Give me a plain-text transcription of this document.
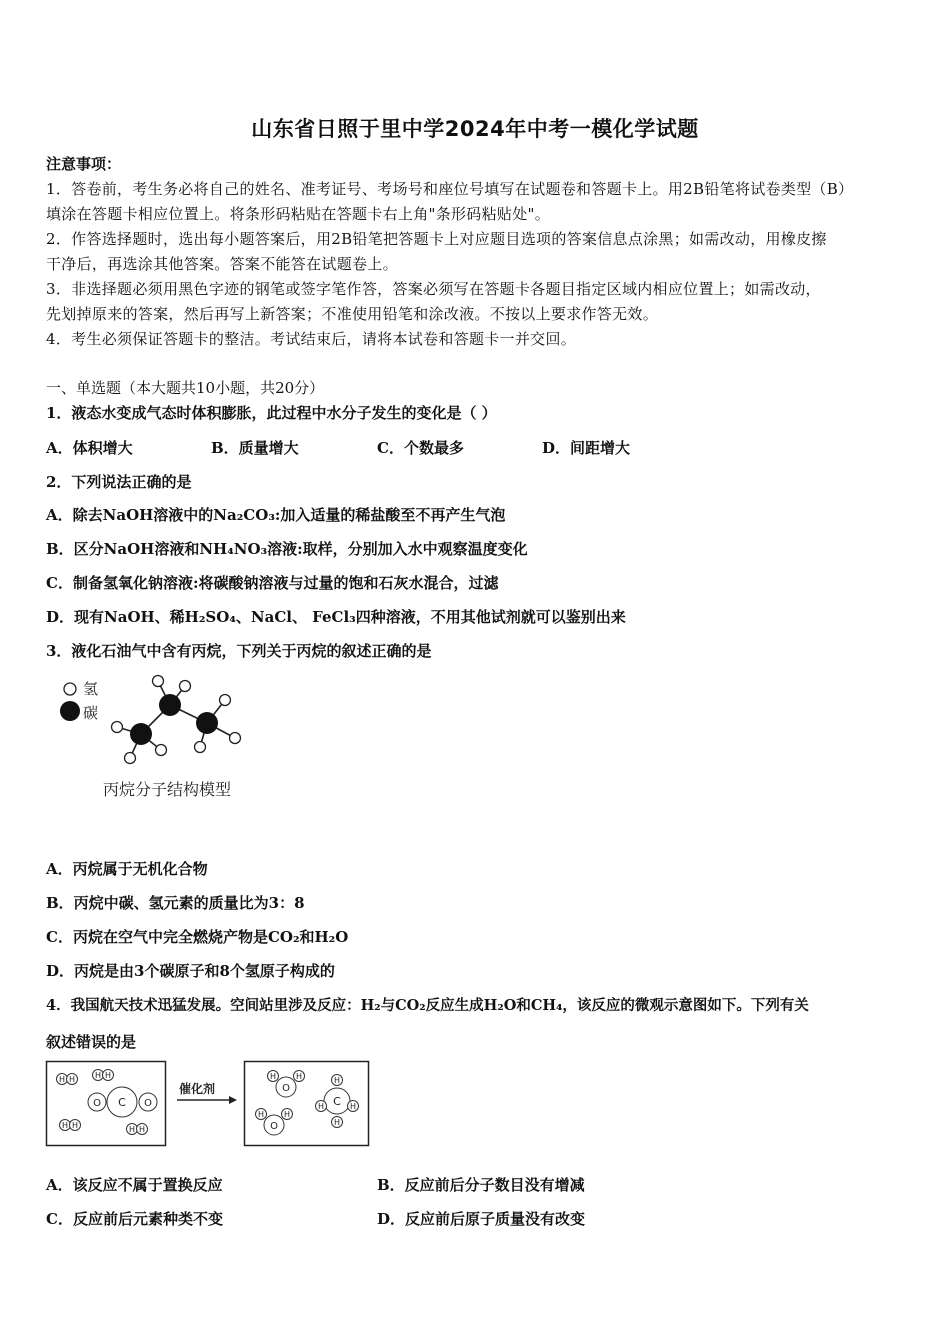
山东省日照于里中学2024年中考一模化学试题
注意事项：
1．答卷前，考生务必将自己的姓名、准考证号、考场号和座位号填写在试题卷和答题卡上。用2B铅笔将试卷类型（B）
填涂在答题卡相应位置上。将条形码粘贴在答题卡右上角"条形码粘贴处"。
2．作答选择题时，选出每小题答案后，用2B铅笔把答题卡上对应题目选项的答案信息点涂黑；如需改动，用橡皮擦
干净后，再选涂其他答案。答案不能答在试题卷上。
3．非选择题必须用黑色字迹的钢笔或签字笔作答，答案必须写在答题卡各题目指定区域内相应位置上；如需改动，
先划掉原来的答案，然后再写上新答案；不准使用铅笔和涂改液。不按以上要求作答无效。
4．考生必须保证答题卡的整洁。考试结束后，请将本试卷和答题卡一并交回。
一、单选题（本大题共10小题，共20分）
1．液态水变成气态时体积膨胀，此过程中水分子发生的变化是（ ）
A．体积增大	B．质量增大	C．个数最多	D．间距增大
2．下列说法正确的是
A．除去NaOH溶液中的Na₂CO₃:加入适量的稀盐酸至不再产生气泡
B．区分NaOH溶液和NH₄NO₃溶液:取样，分别加入水中观察温度变化
C．制备氢氧化钠溶液:将碳酸钠溶液与过量的饱和石灰水混合，过滤
D．现有NaOH、稀H₂SO₄、NaCl、 FeCl₃四种溶液，不用其他试剂就可以鉴别出来
3．液化石油气中含有丙烷，下列关于丙烷的叙述正确的是
氢
碳
丙烷分子结构模型
A．丙烷属于无机化合物
B．丙烷中碳、氢元素的质量比为3：8
C．丙烷在空气中完全燃烧产物是CO₂和H₂O
D．丙烷是由3个碳原子和8个氢原子构成的
4．我国航天技术迅猛发展。空间站里涉及反应：H₂与CO₂反应生成H₂O和CH₄，该反应的微观示意图如下。下列有关
叙述错误的是
H H H H
H H	H H
O C O
催化剂	O
H H
O
H H
C
H
H
H	H
A．该反应不属于置换反应	B．反应前后分子数目没有增减
C．反应前后元素种类不变	D．反应前后原子质量没有改变
